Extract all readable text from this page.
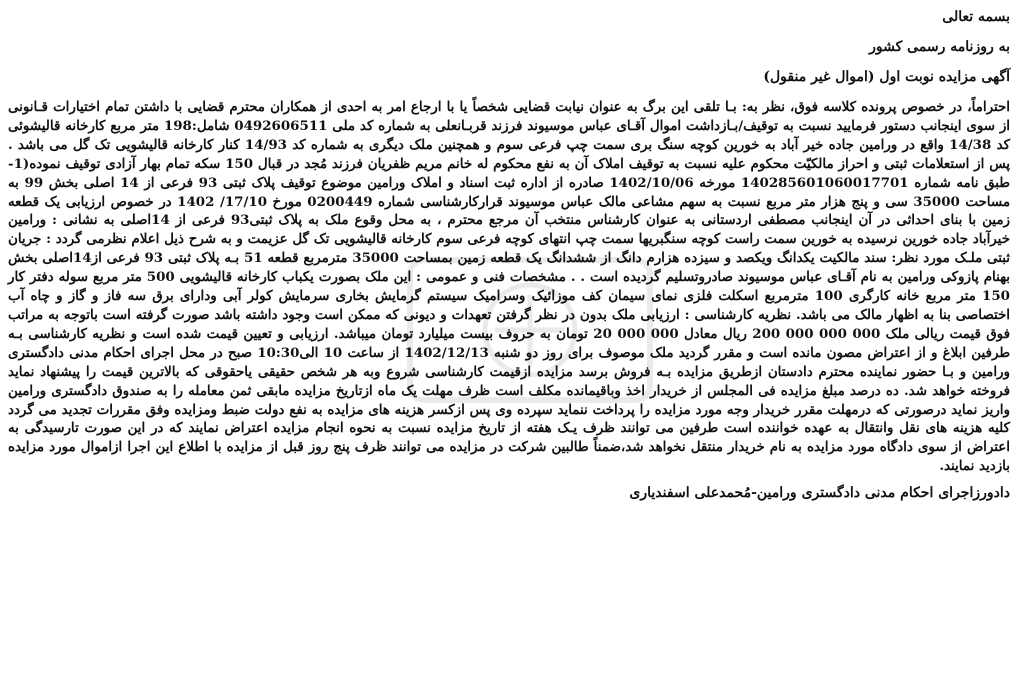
بسمه تعالی
به روزنامه رسمی کشور
آگهی مزایده نوبت اول (اموال غیر منقول)

احتراماً، در خصوص پرونده کلاسه فوق، نظر به: بـا تلقی این برگ به عنوان نیابت قضایی شخصاً یا با ارجاع امر به احدی از همکاران محترم قضایی با داشتن تمام اختیارات قـانونی از سوی اینجانب دستور فرمایید نسبت به توقیف/بـازداشت اموال آقـای عباس موسیوند فرزند قربـانعلی به شماره کد ملی 0492606511 شامل:198 متر مربع کارخانه قالیشوئی کد 14/38 واقع در ورامین جاده خیر آباد به خورین کوچه سنگ بری سمت چپ فرعی سوم و همچنین ملک دیگری به شماره کد 14/93 کنار کارخانه قالیشویی تک گل می باشد . پس از استعلامات ثبتی و احراز مالکیّت محکوم علیه نسبت به توقیف املاک آن به نفع محکوم له خانم مریم ظفریان فرزند مُجد در قبال 150 سکه تمام بهار آزادی توقیف نموده(1- طبق نامه شماره 140285601060017701 مورخه 1402/10/06 صادره از اداره ثبت اسناد و املاک ورامین موضوع توقیف پلاک ثبتی 93 فرعی از 14 اصلی بخش 99 به مساحت 35000 سی و پنج هزار متر مربع نسبت به سهم مشاعی مالک عباس موسیوند قرارکارشناسی شماره 0200449 مورخ 17/10/ 1402 در خصوص ارزیابی یک قطعه زمین با بنای احداثی در آن اینجانب مصطفی اردستانی به عنوان کارشناس منتخب آن مرجع محترم ، به محل وقوع ملک به پلاک ثبتی93 فرعی از 14اصلی به نشانی : ورامین خیرآباد جاده خورین نرسیده به خورین سمت راست کوچه سنگبریها سمت چپ انتهای کوچه فرعی سوم کارخانه قالیشویی تک گل عزیمت و به شرح ذیل اعلام نظرمی گردد : جریان ثبتی ملـک مورد نظر: سند مالکیت یکدانگ ویکصد و سیزده هزارم دانگ از ششدانگ یک قطعه زمین بمساحت 35000 مترمربع قطعه 51 بـه پلاک ثبتی 93 فرعی از14اصلی بخش بهنام پازوکی ورامین به نام آقـای عباس موسیوند صادروتسلیم گردیده است . . مشخصات فنی و عمومی : این ملک بصورت یکباب کارخانه قالیشویی 500 متر مربع سوله دفتر کار 150 متر مربع خانه کارگری 100 مترمربع اسکلت فلزی نمای سیمان کف موزائیک وسرامیک سیستم گرمایش بخاری سرمایش کولر آبی ودارای برق سه فاز و گاز و چاه آب اختصاصی بنا به اظهار مالک می باشد. نظریه کارشناسی : ارزیابی ملک بدون در نظر گرفتن تعهدات و دیونی که ممکن است وجود داشته باشد صورت گرفته است باتوجه به مراتب فوق قیمت ریالی ملک 000 000 000 200 ریال معادل 000 000 20 تومان به حروف بیست میلیارد تومان میباشد. ارزیابی و تعیین قیمت شده است و نظریه کارشناسی بـه طرفین ابلاغ و از اعتراض مصون مانده است و مقرر گردید ملک موصوف برای روز دو شنبه 1402/12/13 از ساعت 10 الی10:30 صبح در محل اجرای احکام مدنی دادگستری ورامین و بـا حضور نماینده محترم دادستان ازطریق مزایده بـه فروش برسد مزایده ازقیمت کارشناسی شروع وبه هر شخص حقیقی یاحقوقی که بالاترین قیمت را پیشنهاد نماید فروخته خواهد شد. ده درصد مبلغ مزایده فی المجلس از خریدار اخذ وباقیمانده مکلف است ظرف مهلت یک ماه ازتاریخ مزایده مابقی ثمن معامله را به صندوق دادگستری ورامین واریز نماید درصورتی که درمهلت مقرر خریدار وجه مورد مزایده را پرداخت ننماید سپرده وی پس ازکسر هزینه های مزایده به نفع دولت ضبط ومزایده وفق مقررات تجدید می گردد کلیه هزینه های نقل وانتقال به عهده خواننده است طرفین می توانند ظرف یـک هفته از تاریخ مزایده نسبت به نحوه انجام مزایده اعتراض نمایند که در این صورت تارسیدگی به اعتراض از سوی دادگاه مورد مزایده به نام خریدار منتقل نخواهد شد،ضمناً طالبین شرکت در مزایده می توانند ظرف پنج روز قبل از مزایده با اطلاع این اجرا ازاموال مورد مزایده بازدید نمایند.

دادورزاجرای احکام مدنی دادگستری ورامین-مُحمدعلی اسفندیاری
